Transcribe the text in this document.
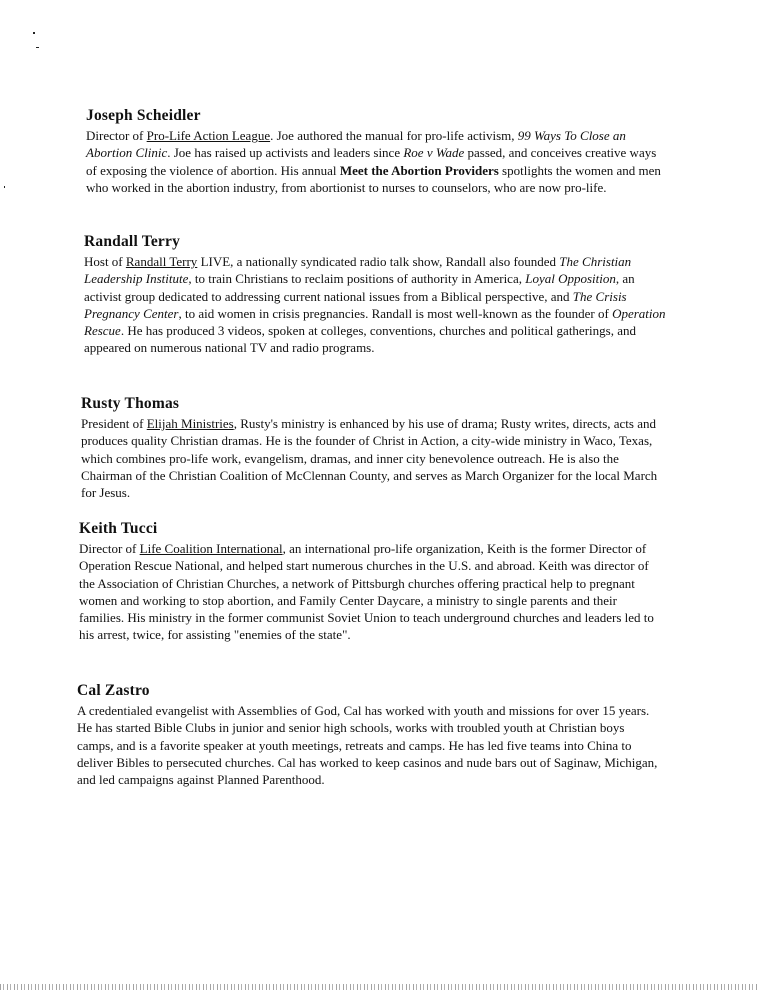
Joseph Scheidler

Director of Pro-Life Action League. Joe authored the manual for pro-life activism, 99 Ways To Close an Abortion Clinic. Joe has raised up activists and leaders since Roe v Wade passed, and conceives creative ways of exposing the violence of abortion. His annual Meet the Abortion Providers spotlights the women and men who worked in the abortion industry, from abortionist to nurses to counselors, who are now pro-life.

Randall Terry

Host of Randall Terry LIVE, a nationally syndicated radio talk show, Randall also founded The Christian Leadership Institute, to train Christians to reclaim positions of authority in America, Loyal Opposition, an activist group dedicated to addressing current national issues from a Biblical perspective, and The Crisis Pregnancy Center, to aid women in crisis pregnancies. Randall is most well-known as the founder of Operation Rescue. He has produced 3 videos, spoken at colleges, conventions, churches and political gatherings, and appeared on numerous national TV and radio programs.

Rusty Thomas

President of Elijah Ministries, Rusty's ministry is enhanced by his use of drama; Rusty writes, directs, acts and produces quality Christian dramas. He is the founder of Christ in Action, a city-wide ministry in Waco, Texas, which combines pro-life work, evangelism, dramas, and inner city benevolence outreach. He is also the Chairman of the Christian Coalition of McClennan County, and serves as March Organizer for the local March for Jesus.

Keith Tucci

Director of Life Coalition International, an international pro-life organization, Keith is the former Director of Operation Rescue National, and helped start numerous churches in the U.S. and abroad. Keith was director of the Association of Christian Churches, a network of Pittsburgh churches offering practical help to pregnant women and working to stop abortion, and Family Center Daycare, a ministry to single parents and their families. His ministry in the former communist Soviet Union to teach underground churches and leaders led to his arrest, twice, for assisting "enemies of the state".

Cal Zastro

A credentialed evangelist with Assemblies of God, Cal has worked with youth and missions for over 15 years. He has started Bible Clubs in junior and senior high schools, works with troubled youth at Christian boys camps, and is a favorite speaker at youth meetings, retreats and camps. He has led five teams into China to deliver Bibles to persecuted churches. Cal has worked to keep casinos and nude bars out of Saginaw, Michigan, and led campaigns against Planned Parenthood.
